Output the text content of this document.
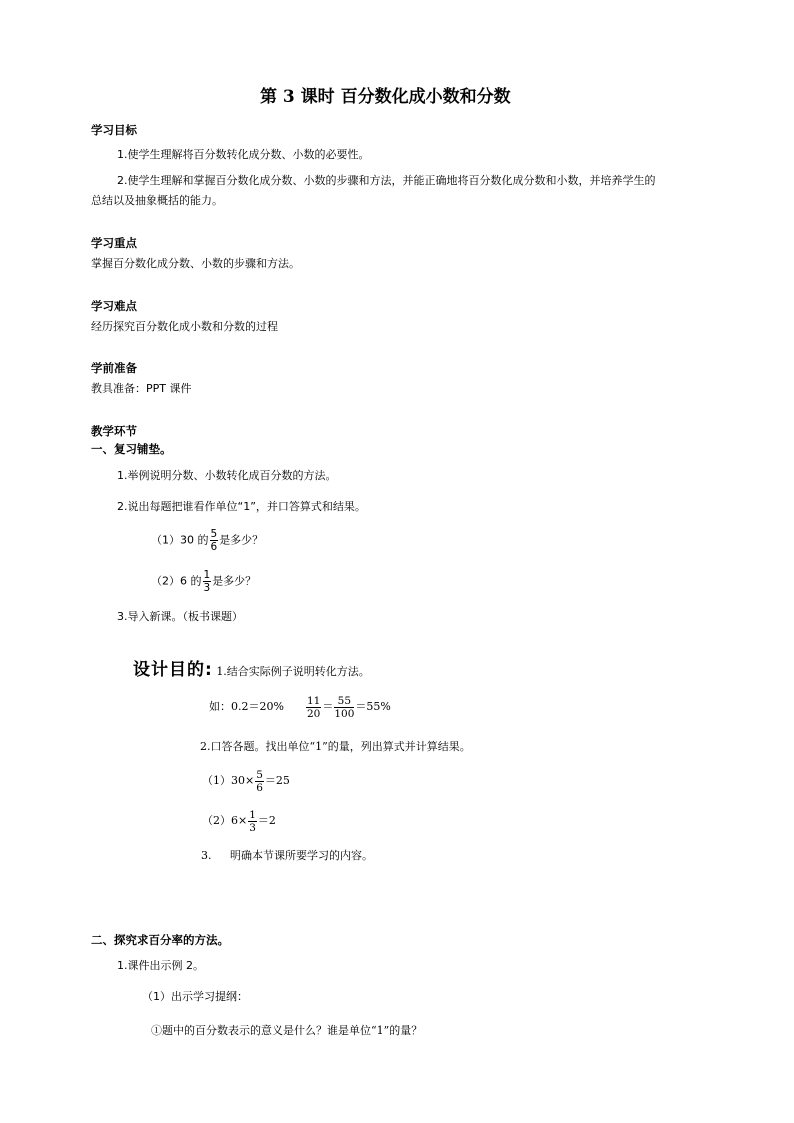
第 3 课时 百分数化成小数和分数
学习目标
1.使学生理解将百分数转化成分数、小数的必要性。
2.使学生理解和掌握百分数化成分数、小数的步骤和方法，并能正确地将百分数化成分数和小数，并培养学生的
总结以及抽象概括的能力。
学习重点
掌握百分数化成分数、小数的步骤和方法。
学习难点
经历探究百分数化成小数和分数的过程
学前准备
教具准备：PPT 课件
教学环节
一、复习铺垫。
1.举例说明分数、小数转化成百分数的方法。
2.说出每题把谁看作单位“1”，并口答算式和结果。
（1）30 的 $\frac{5}{6}$ 是多少？
（2）6 的 $\frac{1}{3}$ 是多少？
3.导入新课。（板书课题）
设计目的: 1.结合实际例子说明转化方法。
如：$0.2=20\% \frac{11}{20} = \frac{55}{100} =55\%$
2.口答各题。找出单位“1”的量，列出算式并计算结果。
$(1)30\times \frac{5}{6} =25$
$(2)6\times \frac{1}{3} =2$
3. 明确本节课所要学习的内容。
二、探究求百分率的方法。
1.课件出示例 2。
（1）出示学习提纲：
①题中的百分数表示的意义是什么？谁是单位“1”的量？
